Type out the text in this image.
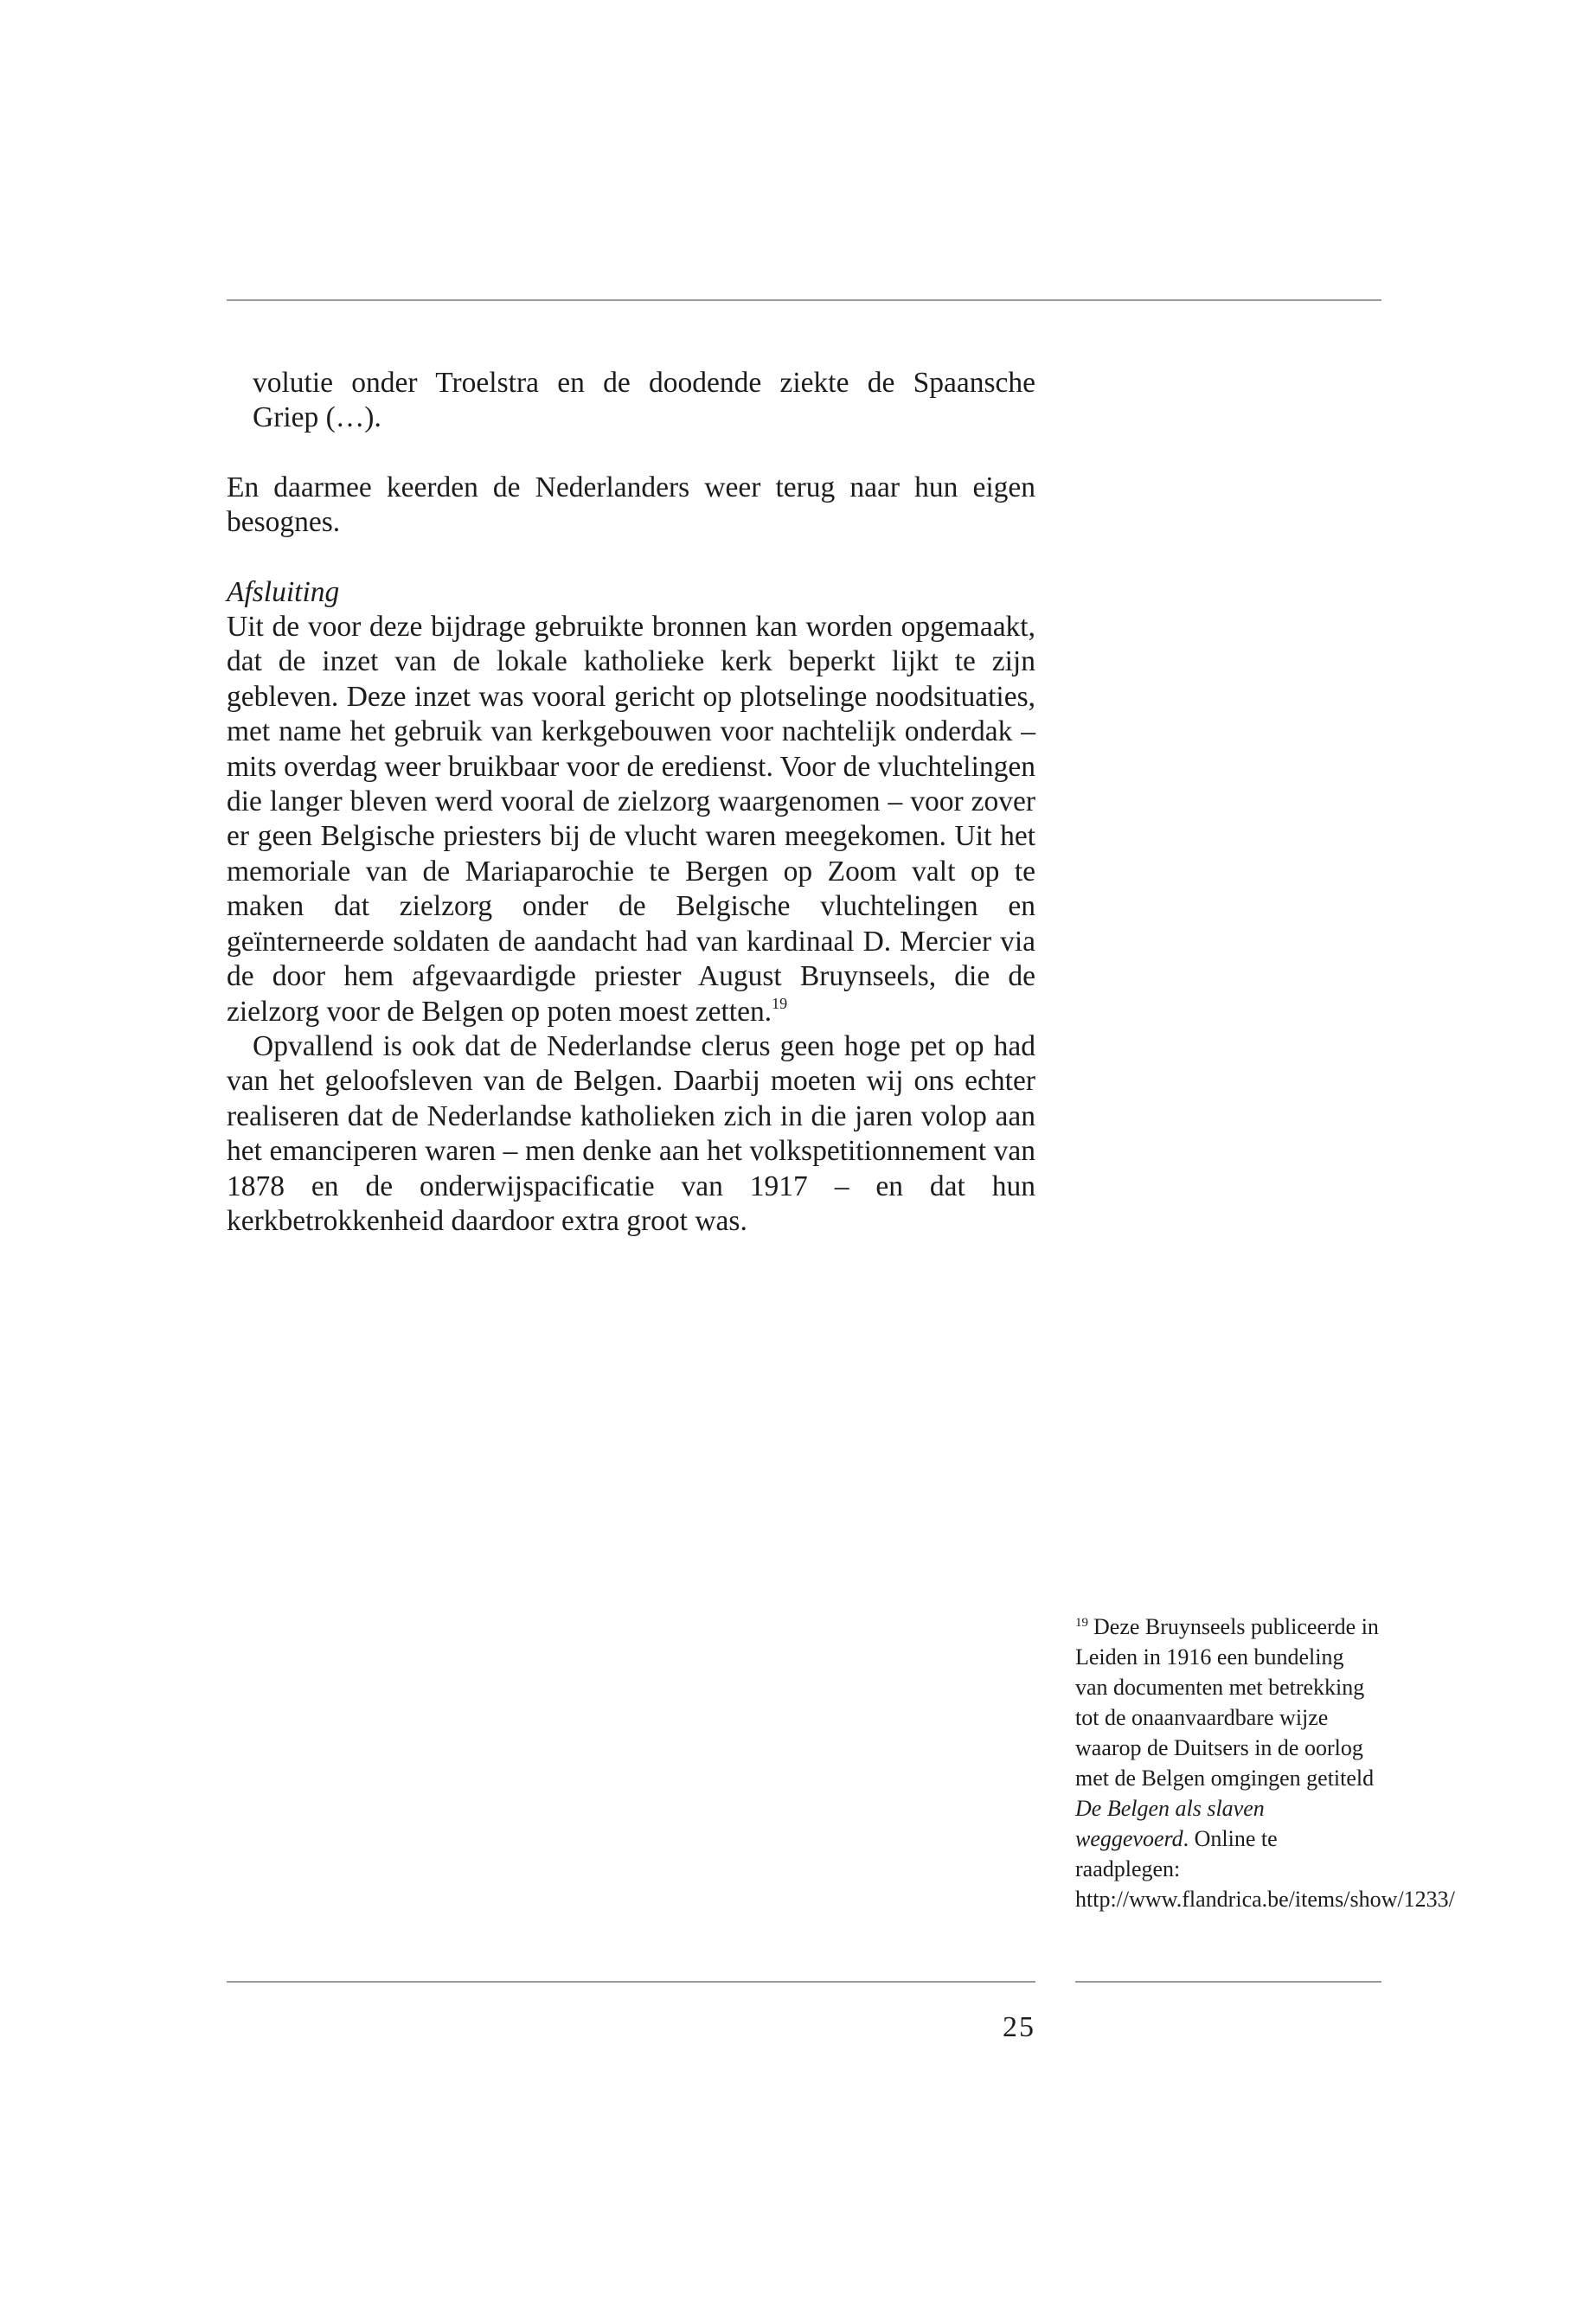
volutie onder Troelstra en de doodende ziekte de Spaansche
Griep (…).

En daarmee keerden de Nederlanders weer terug naar hun eigen besognes.

Afsluiting

Uit de voor deze bijdrage gebruikte bronnen kan worden opgemaakt, dat de inzet van de lokale katholieke kerk beperkt lijkt te zijn gebleven. Deze inzet was vooral gericht op plotselinge noodsituaties, met name het gebruik van kerkgebouwen voor nachtelijk onderdak – mits overdag weer bruikbaar voor de eredienst. Voor de vluchtelingen die langer bleven werd vooral de zielzorg waargenomen – voor zover er geen Belgische priesters bij de vlucht waren meegekomen. Uit het memoriale van de Mariaparochie te Bergen op Zoom valt op te maken dat zielzorg onder de Belgische vluchtelingen en geïnterneerde soldaten de aandacht had van kardinaal D. Mercier via de door hem afgevaardigde priester August Bruynseels, die de zielzorg voor de Belgen op poten moest zetten.$^{19}$

Opvallend is ook dat de Nederlandse clerus geen hoge pet op had van het geloofsleven van de Belgen. Daarbij moeten wij ons echter realiseren dat de Nederlandse katholieken zich in die jaren volop aan het emanciperen waren – men denke aan het volkspetitionnement van 1878 en de onderwijspacificatie van 1917 – en dat hun kerkbetrokkenheid daardoor extra groot was.

$^{19}$ Deze Bruynseels publiceerde in Leiden in 1916 een bundeling van documenten met betrekking tot de onaanvaardbare wijze waarop de Duitsers in de oorlog met de Belgen omgingen getiteld De Belgen als slaven weggevoerd. Online te raadplegen: http://www.flandrica.be/items/show/1233/

25
